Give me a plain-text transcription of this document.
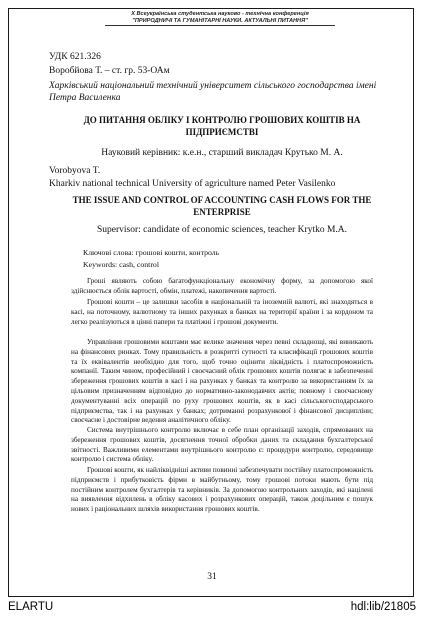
X Всеукраїнська студентська науково - технічна конференція
"ПРИРОДНИЧІ ТА ГУМАНІТАРНІ НАУКИ. АКТУАЛЬНІ ПИТАННЯ"
УДК 621.326
Воробйова Т. – ст. гр. 53-ОАм
Харківський національний технічний університет сільського господарства імені Петра Василенка
ДО ПИТАННЯ ОБЛІКУ І КОНТРОЛЮ ГРОШОВИХ КОШТІВ НА ПІДПРИЄМСТВІ
Науковий керівник: к.е.н., старший викладач Крутько М. А.
Vorobyova T.
Kharkiv national technical University of agriculture named Peter Vasilenko
THE ISSUE AND CONTROL OF ACCOUNTING CASH FLOWS FOR THE ENTERPRISE
Supervisor: candidate of economic sciences, teacher Krytko M.A.
Ключові слова: грошові кошти, контроль
Keywords: cash, control

Гроші являють собою багатофункціональну економічну форму, за допомогою якої здійснюється облік вартості, обмін, платежі, накопичення вартості.

Грошові кошти – це залишки засобів в національній та іноземній валюті, які знаходяться в касі, на поточному, валютному та інших рахунках в банках на території країни і за кордоном та легко реалізуються в цінні папери та платіжні і грошові документи.

Управління грошовими коштами має велике значення через певні складнощі, які виникають на фінансових ринках. Тому правильність в розкритті сутності та класифікації грошових коштів та їх еквівалентів необхідно для того, щоб точно оцінити ліквідність і платоспроможність компанії. Таким чином, професійний і своєчасний облік грошових коштів полягає в забезпеченні збереження грошових коштів в касі і на рахунках у банках та контролю за використанням їх за цільовим призначенням відповідно до нормативно-законодавчих актів; повному і своєчасному документуванні всіх операцій по руху грошових коштів, як в касі сільськогосподарського підприємства, так і на рахунках у банках; дотриманні розрахункової і фінансової дисципліни; своєчасне і достовірне ведення аналітичного обліку.

Система внутрішнього контролю включає в себе план організації заходів, спрямованих на збереження грошових коштів, досягнення точної обробки даних та складання бухгалтерської звітності. Важливими елементами внутрішнього контролю є: процедури контролю, середовище контролю і система обліку.

Грошові кошти, як найліквідніші активи повинні забезпечувати постійну платоспроможність підприємств і прибутковість фірми в майбутньому, тому грошові потоки мають бути під постійним контролем бухгалтерів та керівників. За допомогою контрольних заходів, які націлені на виявлення відхилень в обліку касових і розрахункових операцій, також доцільним є пошук нових і раціональних шляхів використання грошових коштів.

31
ELARTU	hdl:lib/21805
